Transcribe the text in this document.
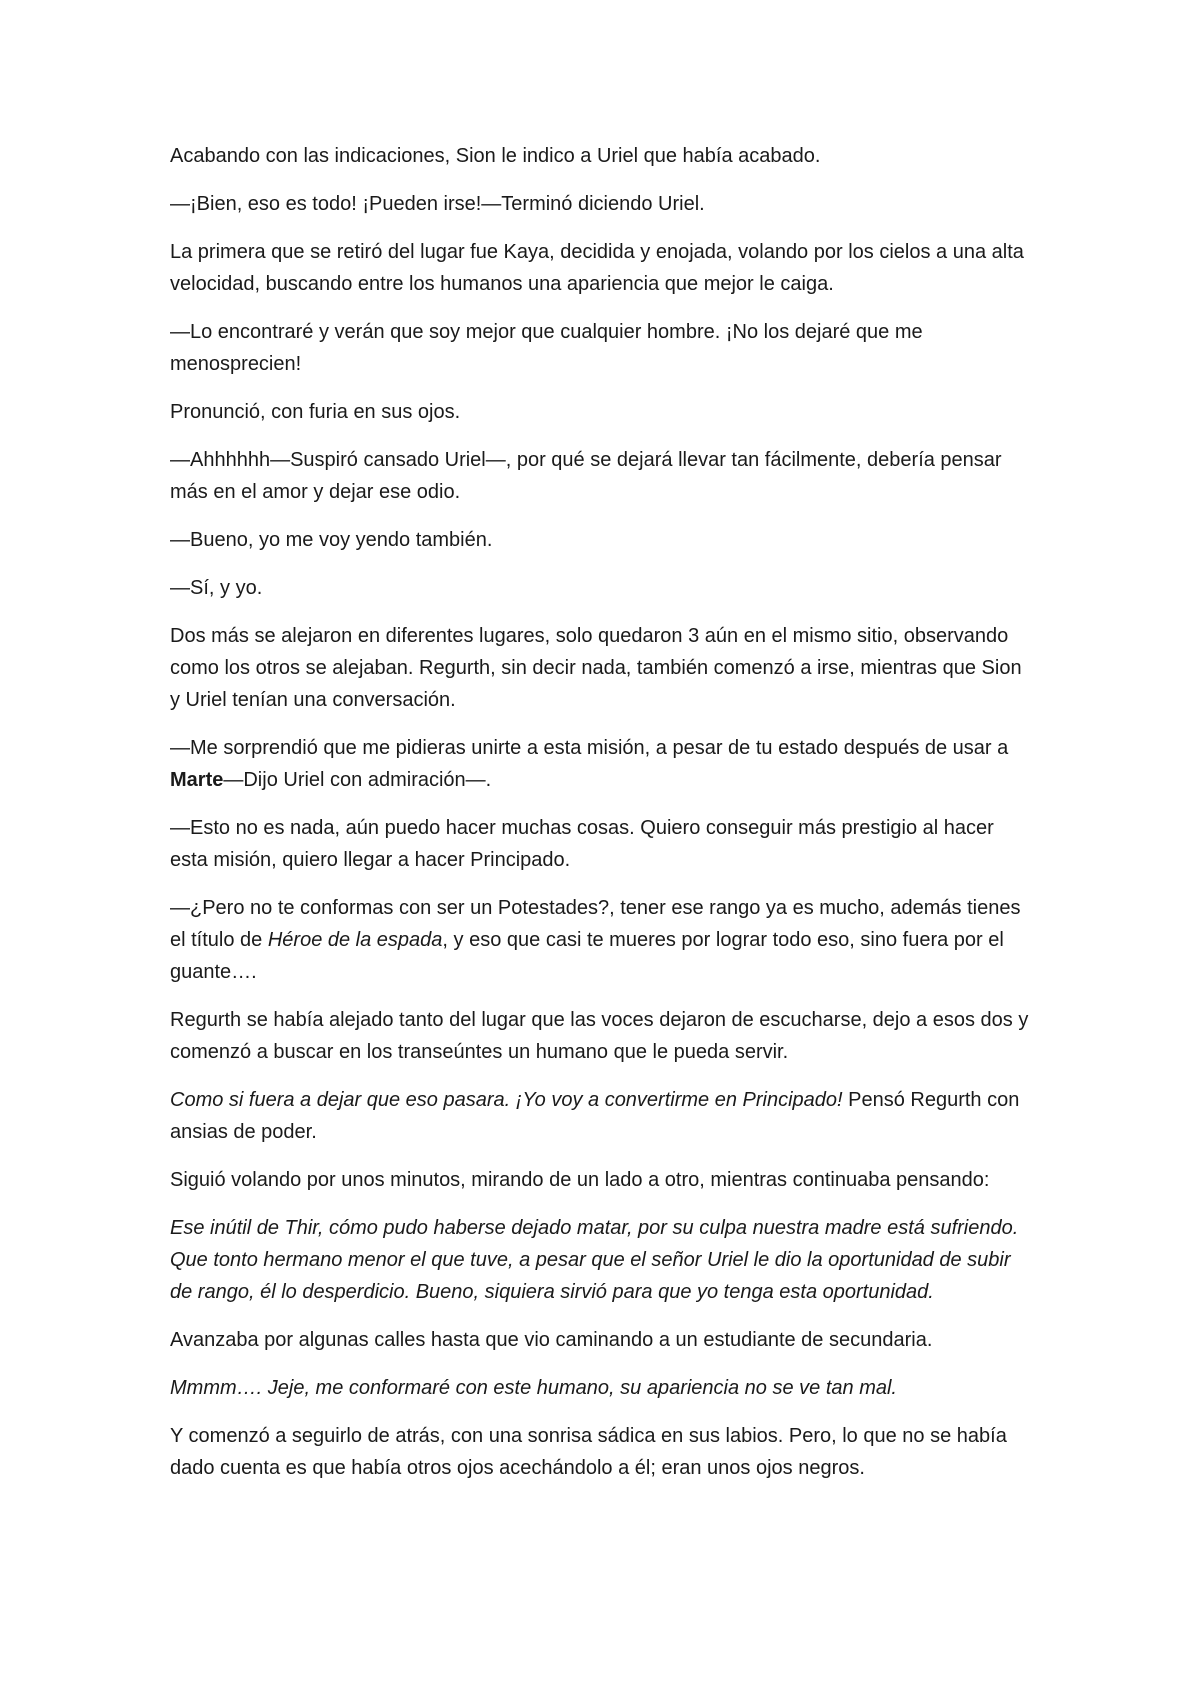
Acabando con las indicaciones, Sion le indico a Uriel que había acabado.

—¡Bien, eso es todo! ¡Pueden irse!—Terminó diciendo Uriel.

La primera que se retiró del lugar fue Kaya, decidida y enojada, volando por los cielos a una alta velocidad, buscando entre los humanos una apariencia que mejor le caiga.

—Lo encontraré y verán que soy mejor que cualquier hombre. ¡No los dejaré que me menosprecien!

Pronunció, con furia en sus ojos.

—Ahhhhhh—Suspiró cansado Uriel—, por qué se dejará llevar tan fácilmente, debería pensar más en el amor y dejar ese odio.

—Bueno, yo me voy yendo también.

—Sí, y yo.

Dos más se alejaron en diferentes lugares, solo quedaron 3 aún en el mismo sitio, observando como los otros se alejaban. Regurth, sin decir nada, también comenzó a irse, mientras que Sion y Uriel tenían una conversación.

—Me sorprendió que me pidieras unirte a esta misión, a pesar de tu estado después de usar a Marte—Dijo Uriel con admiración—.

—Esto no es nada, aún puedo hacer muchas cosas. Quiero conseguir más prestigio al hacer esta misión, quiero llegar a hacer Principado.

—¿Pero no te conformas con ser un Potestades?, tener ese rango ya es mucho, además tienes el título de Héroe de la espada, y eso que casi te mueres por lograr todo eso, sino fuera por el guante….

Regurth se había alejado tanto del lugar que las voces dejaron de escucharse, dejo a esos dos y comenzó a buscar en los transeúntes un humano que le pueda servir.

Como si fuera a dejar que eso pasara. ¡Yo voy a convertirme en Principado! Pensó Regurth con ansias de poder.

Siguió volando por unos minutos, mirando de un lado a otro, mientras continuaba pensando:

Ese inútil de Thir, cómo pudo haberse dejado matar, por su culpa nuestra madre está sufriendo. Que tonto hermano menor el que tuve, a pesar que el señor Uriel le dio la oportunidad de subir de rango, él lo desperdicio. Bueno, siquiera sirvió para que yo tenga esta oportunidad.

Avanzaba por algunas calles hasta que vio caminando a un estudiante de secundaria.

Mmmm…. Jeje, me conformaré con este humano, su apariencia no se ve tan mal.

Y comenzó a seguirlo de atrás, con una sonrisa sádica en sus labios. Pero, lo que no se había dado cuenta es que había otros ojos acechándolo a él; eran unos ojos negros.
